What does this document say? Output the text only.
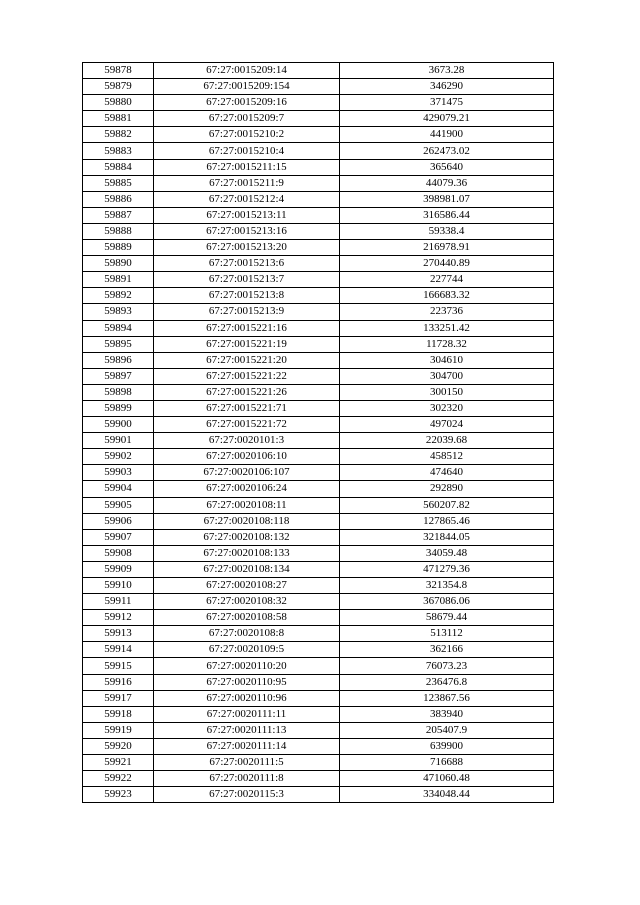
59878	67:27:0015209:14	3673.28
59879	67:27:0015209:154	346290
59880	67:27:0015209:16	371475
59881	67:27:0015209:7	429079.21
59882	67:27:0015210:2	441900
59883	67:27:0015210:4	262473.02
59884	67:27:0015211:15	365640
59885	67:27:0015211:9	44079.36
59886	67:27:0015212:4	398981.07
59887	67:27:0015213:11	316586.44
59888	67:27:0015213:16	59338.4
59889	67:27:0015213:20	216978.91
59890	67:27:0015213:6	270440.89
59891	67:27:0015213:7	227744
59892	67:27:0015213:8	166683.32
59893	67:27:0015213:9	223736
59894	67:27:0015221:16	133251.42
59895	67:27:0015221:19	11728.32
59896	67:27:0015221:20	304610
59897	67:27:0015221:22	304700
59898	67:27:0015221:26	300150
59899	67:27:0015221:71	302320
59900	67:27:0015221:72	497024
59901	67:27:0020101:3	22039.68
59902	67:27:0020106:10	458512
59903	67:27:0020106:107	474640
59904	67:27:0020106:24	292890
59905	67:27:0020108:11	560207.82
59906	67:27:0020108:118	127865.46
59907	67:27:0020108:132	321844.05
59908	67:27:0020108:133	34059.48
59909	67:27:0020108:134	471279.36
59910	67:27:0020108:27	321354.8
59911	67:27:0020108:32	367086.06
59912	67:27:0020108:58	58679.44
59913	67:27:0020108:8	513112
59914	67:27:0020109:5	362166
59915	67:27:0020110:20	76073.23
59916	67:27:0020110:95	236476.8
59917	67:27:0020110:96	123867.56
59918	67:27:0020111:11	383940
59919	67:27:0020111:13	205407.9
59920	67:27:0020111:14	639900
59921	67:27:0020111:5	716688
59922	67:27:0020111:8	471060.48
59923	67:27:0020115:3	334048.44
